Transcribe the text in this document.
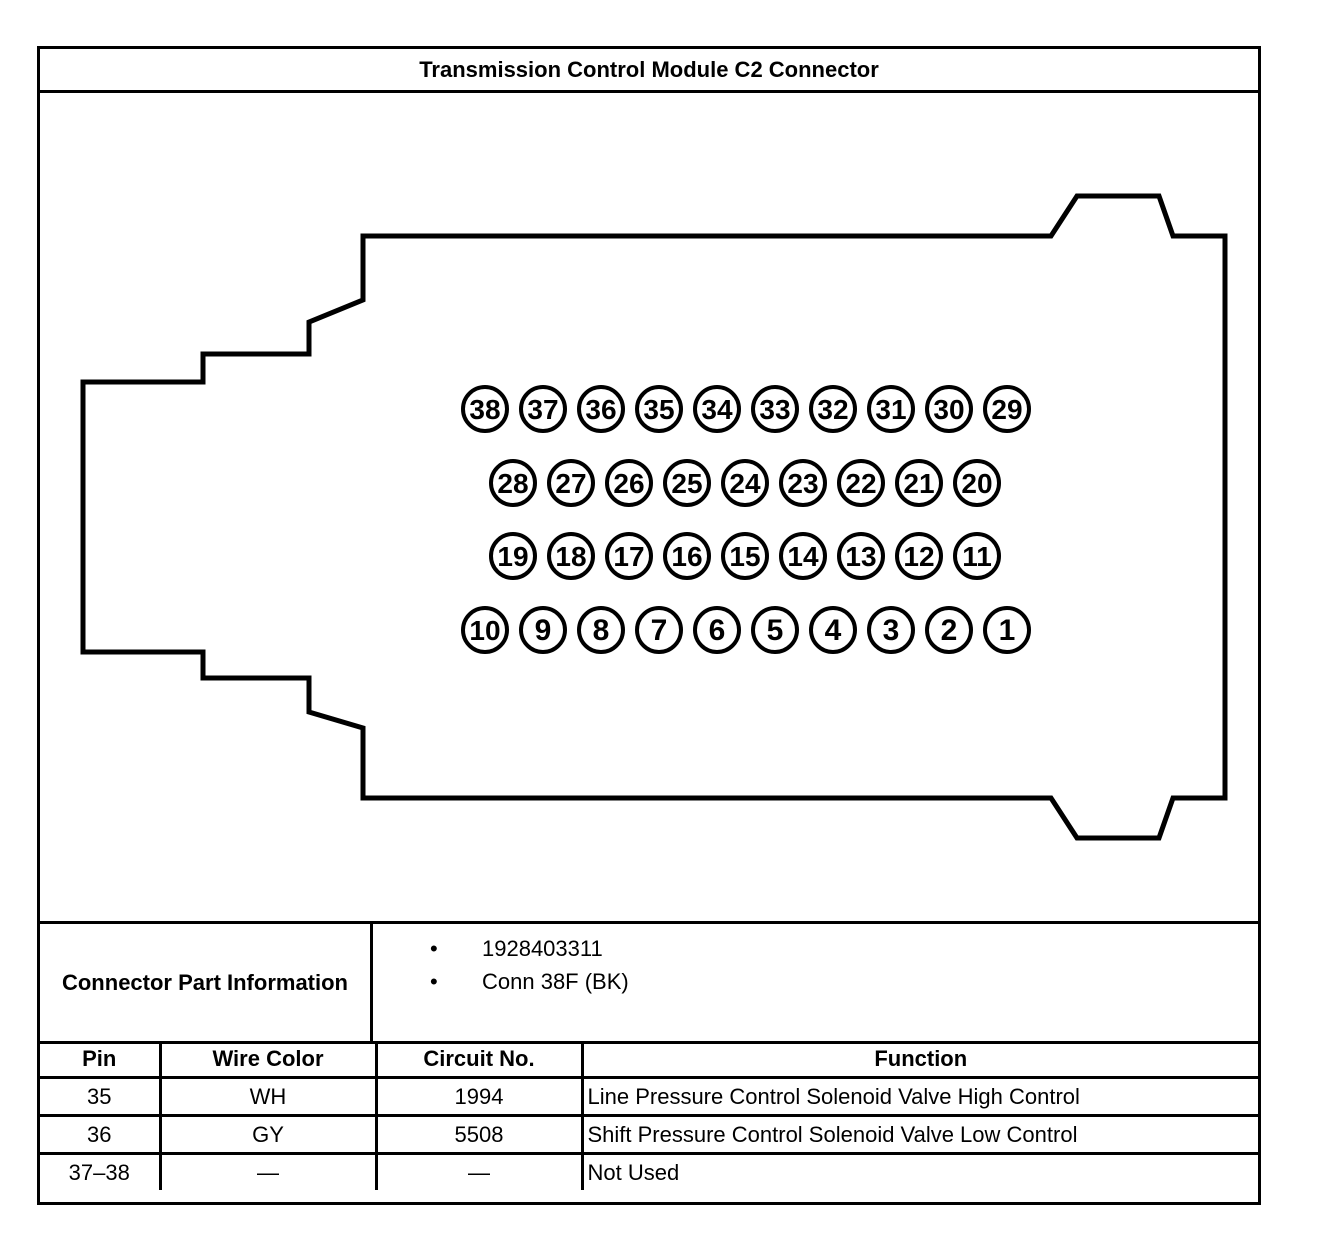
Transmission Control Module C2 Connector
38 37 36 35 34 33 32 31 30 29
28 27 26 25 24 23 22 21 20
19 18 17 16 15 14 13 12 11
10 9 8 7 6 5 4 3 2 1
Connector Part Information
• 1928403311
• Conn 38F (BK)
Pin	Wire Color	Circuit No.	Function
35	WH	1994	Line Pressure Control Solenoid Valve High Control
36	GY	5508	Shift Pressure Control Solenoid Valve Low Control
37–38	—	—	Not Used
